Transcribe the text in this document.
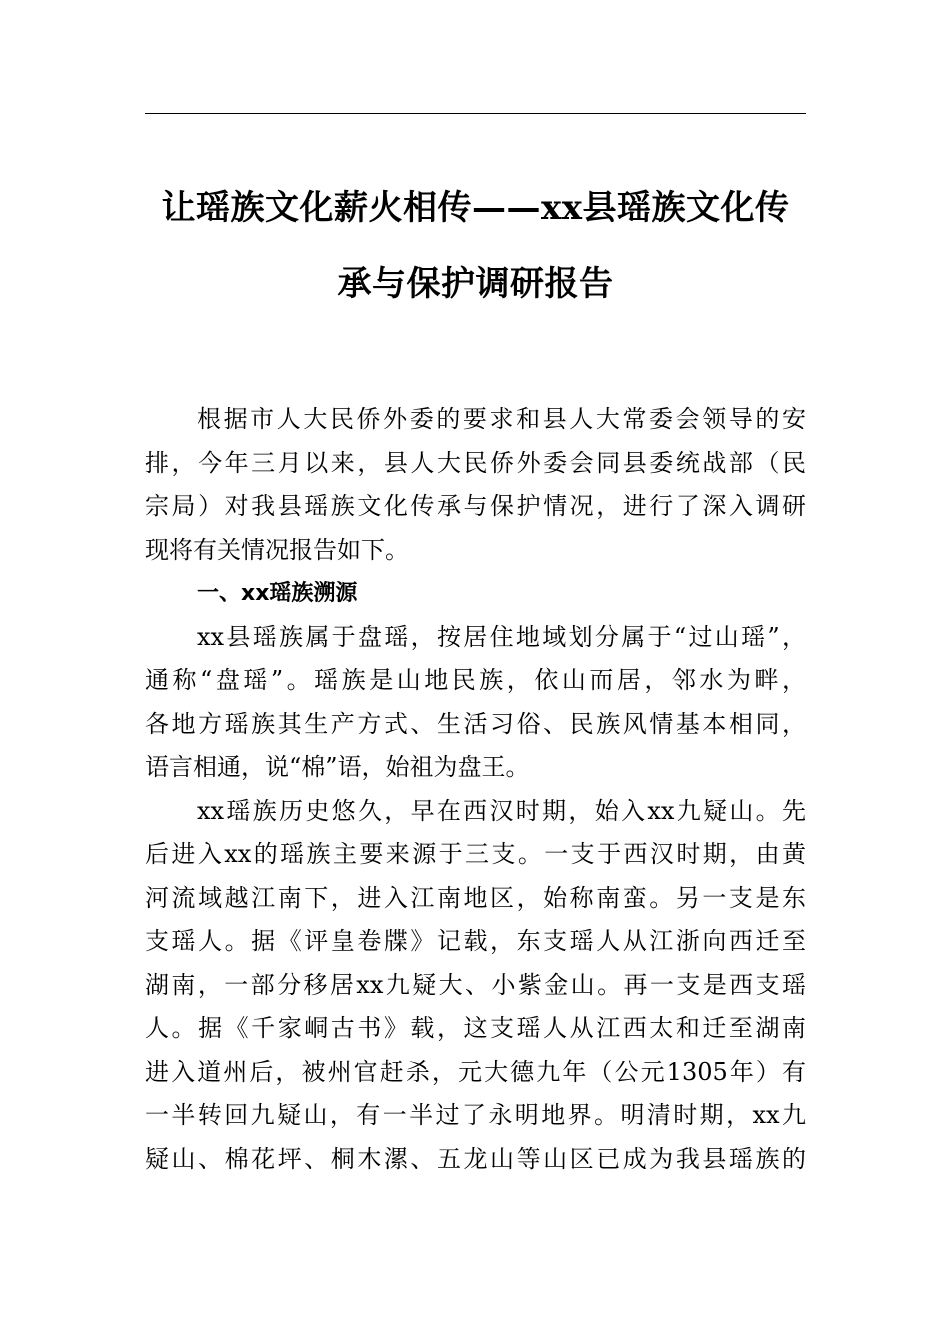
让瑶族文化薪火相传——xx县瑶族文化传
承与保护调研报告
根据市人大民侨外委的要求和县人大常委会领导的安
排，今年三月以来，县人大民侨外委会同县委统战部（民
宗局）对我县瑶族文化传承与保护情况，进行了深入调研
现将有关情况报告如下。
一、xx瑶族溯源
xx县瑶族属于盘瑶，按居住地域划分属于“过山瑶”，
通称“盘瑶”。瑶族是山地民族，依山而居，邻水为畔，
各地方瑶族其生产方式、生活习俗、民族风情基本相同，
语言相通，说“棉”语，始祖为盘王。
xx瑶族历史悠久，早在西汉时期，始入xx九疑山。先
后进入xx的瑶族主要来源于三支。一支于西汉时期，由黄
河流域越江南下，进入江南地区，始称南蛮。另一支是东
支瑶人。据《评皇卷牒》记载，东支瑶人从江浙向西迁至
湖南，一部分移居xx九疑大、小紫金山。再一支是西支瑶
人。据《千家峒古书》载，这支瑶人从江西太和迁至湖南
进入道州后，被州官赶杀，元大德九年（公元1305年）有
一半转回九疑山，有一半过了永明地界。明清时期，xx九
疑山、棉花坪、桐木漯、五龙山等山区已成为我县瑶族的
